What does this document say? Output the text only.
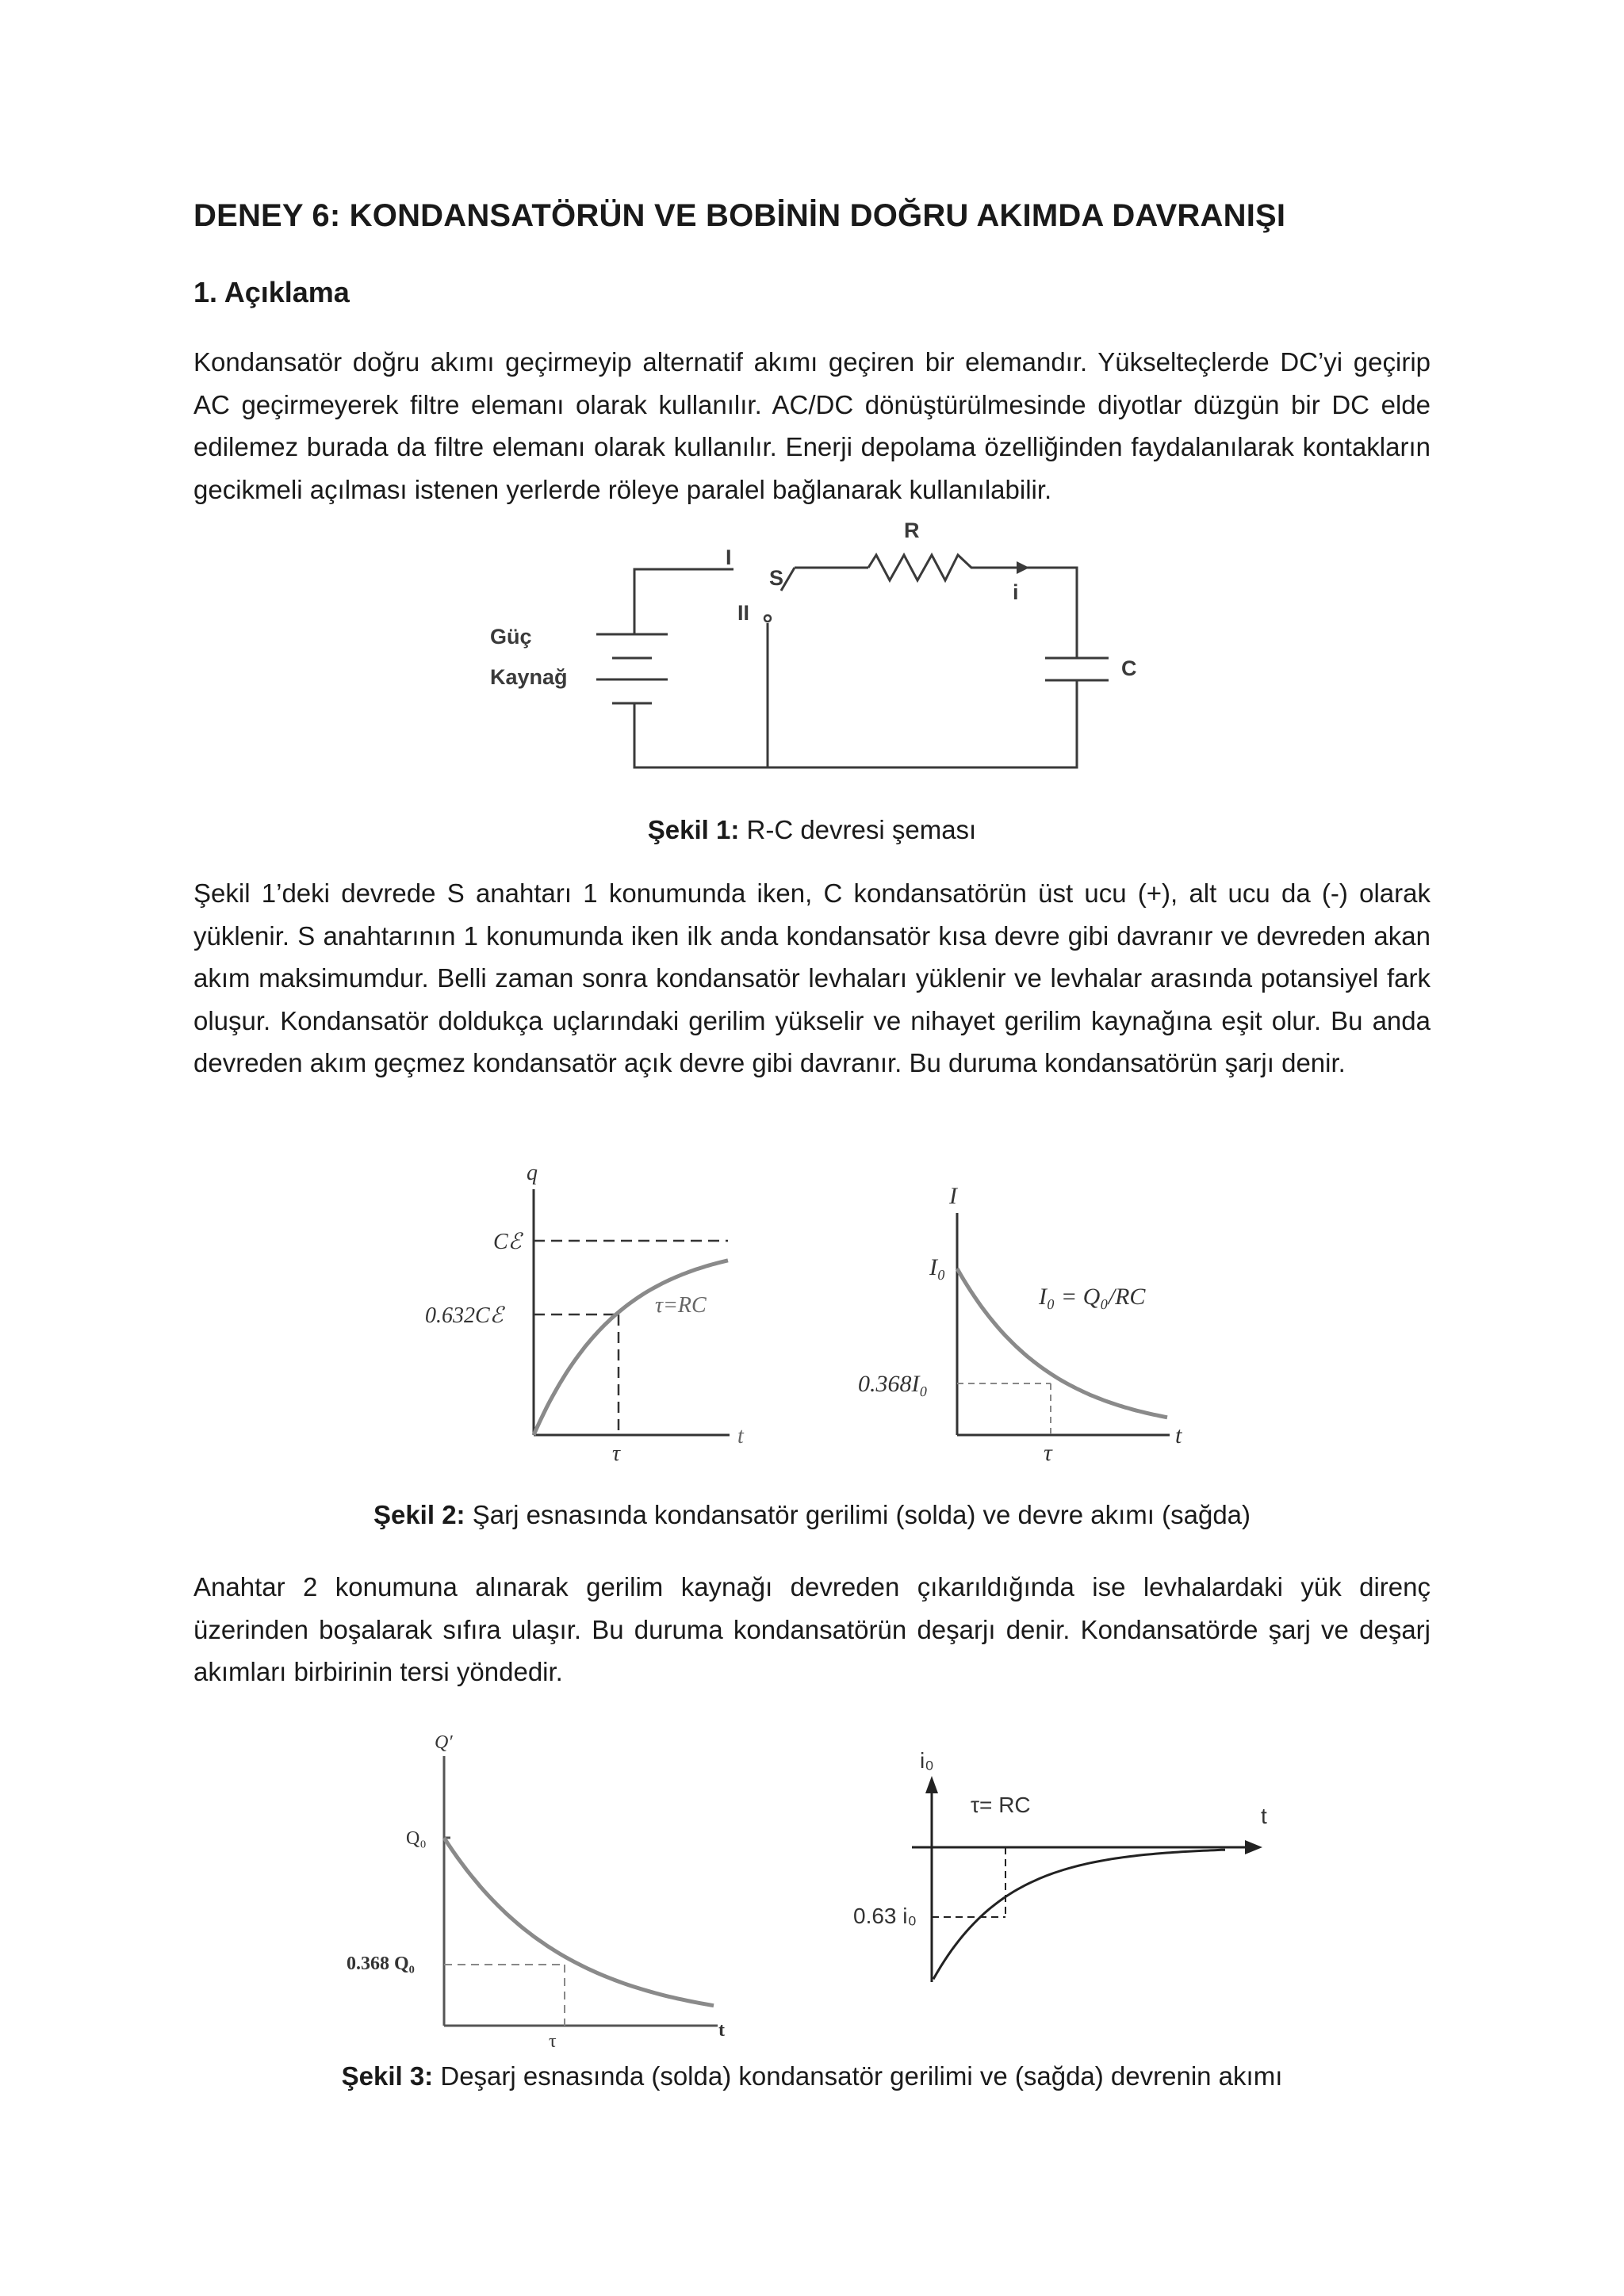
DENEY 6: KONDANSATÖRÜN VE BOBİNİN DOĞRU AKIMDA DAVRANIŞI
1. Açıklama
Kondansatör doğru akımı geçirmeyip alternatif akımı geçiren bir elemandır. Yükselteçlerde DC’yi geçirip AC geçirmeyerek filtre elemanı olarak kullanılır. AC/DC dönüştürülmesinde diyotlar düzgün bir DC elde edilemez burada da filtre elemanı olarak kullanılır. Enerji depolama özelliğinden faydalanılarak kontakların gecikmeli açılması istenen yerlerde röleye paralel bağlanarak kullanılabilir.
I
II
S
R
i
C
Güç
Kaynağ
Şekil 1: R-C devresi şeması
Şekil 1’deki devrede S anahtarı 1 konumunda iken, C kondansatörün üst ucu (+), alt ucu da (-) olarak yüklenir. S anahtarının 1 konumunda iken ilk anda kondansatör kısa devre gibi davranır ve devreden akan akım maksimumdur. Belli zaman sonra kondansatör levhaları yüklenir ve levhalar arasında potansiyel fark oluşur. Kondansatör doldukça uçlarındaki gerilim yükselir ve nihayet gerilim kaynağına eşit olur. Bu anda devreden akım geçmez kondansatör açık devre gibi davranır. Bu duruma kondansatörün şarjı denir.
q
Cℰ
0.632Cℰ	τ=RC
τ
t
I
I₀
I₀ = Q₀/RC
0.368I₀
τ
t
Şekil 2: Şarj esnasında kondansatör gerilimi (solda) ve devre akımı (sağda)
Anahtar 2 konumuna alınarak gerilim kaynağı devreden çıkarıldığında ise levhalardaki yük direnç üzerinden boşalarak sıfıra ulaşır. Bu duruma kondansatörün deşarjı denir. Kondansatörde şarj ve deşarj akımları birbirinin tersi yöndedir.
Q′
Q₀
0.368 Q₀
τ
t
i₀
τ= RC	t
0.63 i₀
Şekil 3: Deşarj esnasında (solda) kondansatör gerilimi ve (sağda) devrenin akımı
